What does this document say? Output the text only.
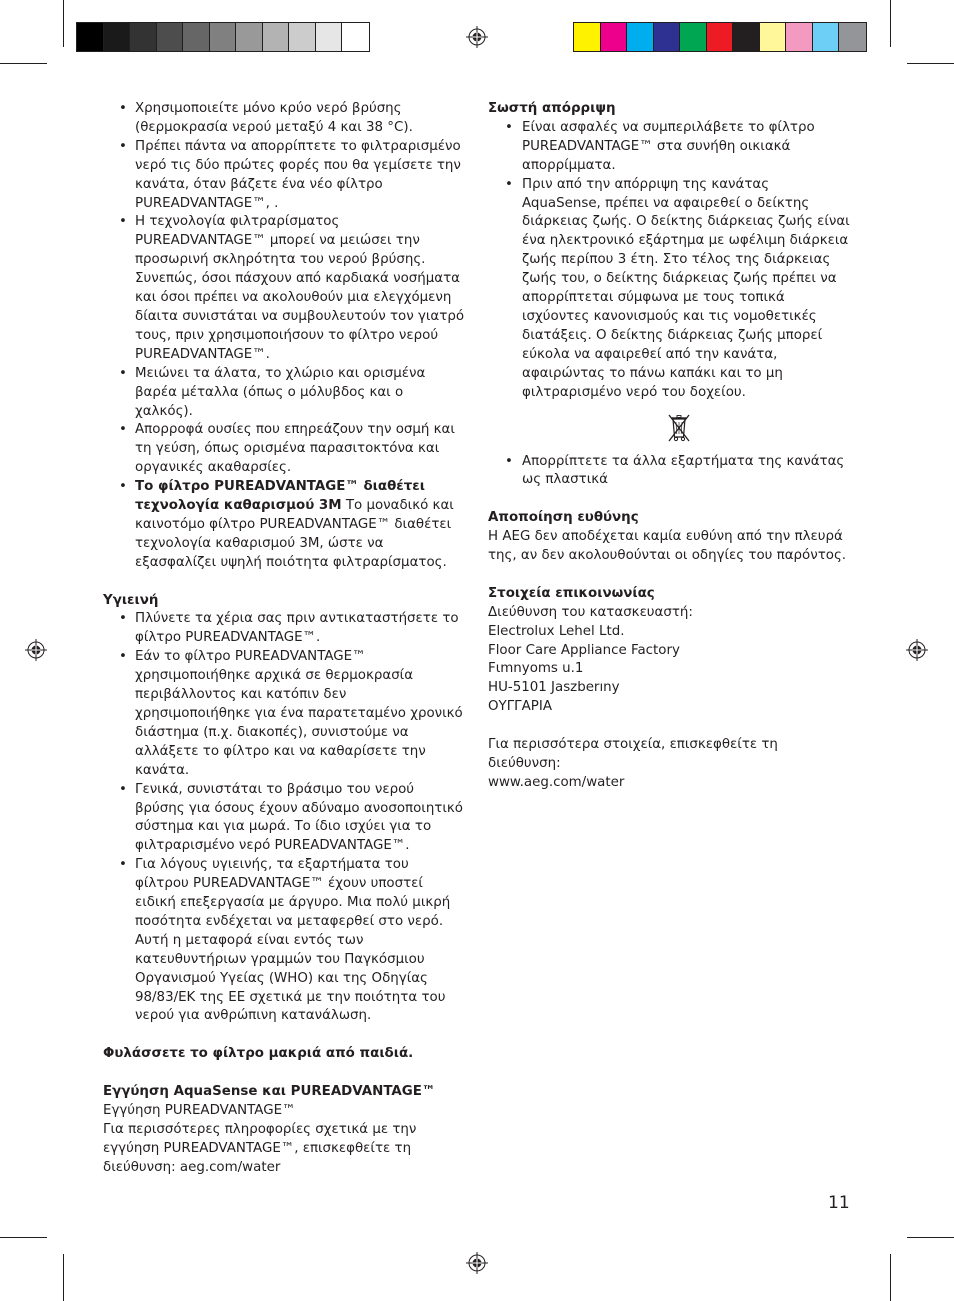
• Χρησιμοποιείτε μόνο κρύο νερό βρύσης (θερμοκρασία νερού μεταξύ 4 και 38 °C).
• Πρέπει πάντα να απορρίπτετε το φιλτραρισμένο νερό τις δύο πρώτες φορές που θα γεμίσετε την κανάτα, όταν βάζετε ένα νέο φίλτρο PUREADVANTAGE™, .
• Η τεχνολογία φιλτραρίσματος PUREADVANTAGE™ μπορεί να μειώσει την προσωρινή σκληρότητα του νερού βρύσης. Συνεπώς, όσοι πάσχουν από καρδιακά νοσήματα και όσοι πρέπει να ακολουθούν μια ελεγχόμενη δίαιτα συνιστάται να συμβουλευτούν τον γιατρό τους, πριν χρησιμοποιήσουν το φίλτρο νερού PUREADVANTAGE™.
• Μειώνει τα άλατα, το χλώριο και ορισμένα βαρέα μέταλλα (όπως ο μόλυβδος και ο χαλκός).
• Απορροφά ουσίες που επηρεάζουν την οσμή και τη γεύση, όπως ορισμένα παρασιτοκτόνα και οργανικές ακαθαρσίες.
• Το φίλτρο PUREADVANTAGE™ διαθέτει τεχνολογία καθαρισμού 3M Το μοναδικό και καινοτόμο φίλτρο PUREADVANTAGE™ διαθέτει τεχνολογία καθαρισμού 3M, ώστε να εξασφαλίζει υψηλή ποιότητα φιλτραρίσματος.

Υγιεινή

• Πλύνετε τα χέρια σας πριν αντικαταστήσετε το φίλτρο PUREADVANTAGE™.
• Εάν το φίλτρο PUREADVANTAGE™ χρησιμοποιήθηκε αρχικά σε θερμοκρασία περιβάλλοντος και κατόπιν δεν χρησιμοποιήθηκε για ένα παρατεταμένο χρονικό διάστημα (π.χ. διακοπές), συνιστούμε να αλλάξετε το φίλτρο και να καθαρίσετε την κανάτα.
• Γενικά, συνιστάται το βράσιμο του νερού βρύσης για όσους έχουν αδύναμο ανοσοποιητικό σύστημα και για μωρά. Το ίδιο ισχύει για το φιλτραρισμένο νερό PUREADVANTAGE™.
• Για λόγους υγιεινής, τα εξαρτήματα του φίλτρου PUREADVANTAGE™ έχουν υποστεί ειδική επεξεργασία με άργυρο. Μια πολύ μικρή ποσότητα ενδέχεται να μεταφερθεί στο νερό. Αυτή η μεταφορά είναι εντός των κατευθυντήριων γραμμών του Παγκόσμιου Οργανισμού Υγείας (WHO) και της Οδηγίας 98/83/ΕΚ της ΕΕ σχετικά με την ποιότητα του νερού για ανθρώπινη κατανάλωση.

Φυλάσσετε το φίλτρο μακριά από παιδιά.

Εγγύηση AquaSense και PUREADVANTAGE™

Εγγύηση PUREADVANTAGE™

Για περισσότερες πληροφορίες σχετικά με την εγγύηση PUREADVANTAGE™, επισκεφθείτε τη διεύθυνση: aeg.com/water

Σωστή απόρριψη

• Είναι ασφαλές να συμπεριλάβετε το φίλτρο PUREADVANTAGE™ στα συνήθη οικιακά απορρίμματα.
• Πριν από την απόρριψη της κανάτας AquaSense, πρέπει να αφαιρεθεί ο δείκτης διάρκειας ζωής. Ο δείκτης διάρκειας ζωής είναι ένα ηλεκτρονικό εξάρτημα με ωφέλιμη διάρκεια ζωής περίπου 3 έτη. Στο τέλος της διάρκειας ζωής του, ο δείκτης διάρκειας ζωής πρέπει να απορρίπτεται σύμφωνα με τους τοπικά ισχύοντες κανονισμούς και τις νομοθετικές διατάξεις. Ο δείκτης διάρκειας ζωής μπορεί εύκολα να αφαιρεθεί από την κανάτα, αφαιρώντας το πάνω καπάκι και το μη φιλτραρισμένο νερό του δοχείου.
• Απορρίπτετε τα άλλα εξαρτήματα της κανάτας ως πλαστικά

Αποποίηση ευθύνης

Η AEG δεν αποδέχεται καμία ευθύνη από την πλευρά της, αν δεν ακολουθούνται οι οδηγίες του παρόντος.

Στοιχεία επικοινωνίας

Διεύθυνση του κατασκευαστή:

Electrolux Lehel Ltd.

Floor Care Appliance Factory

Fιmnyoms u.1

HU-5101 Jaszberıny

ΟΥΓΓΑΡΙΑ

Για περισσότερα στοιχεία, επισκεφθείτε τη διεύθυνση:

www.aeg.com/water

11
